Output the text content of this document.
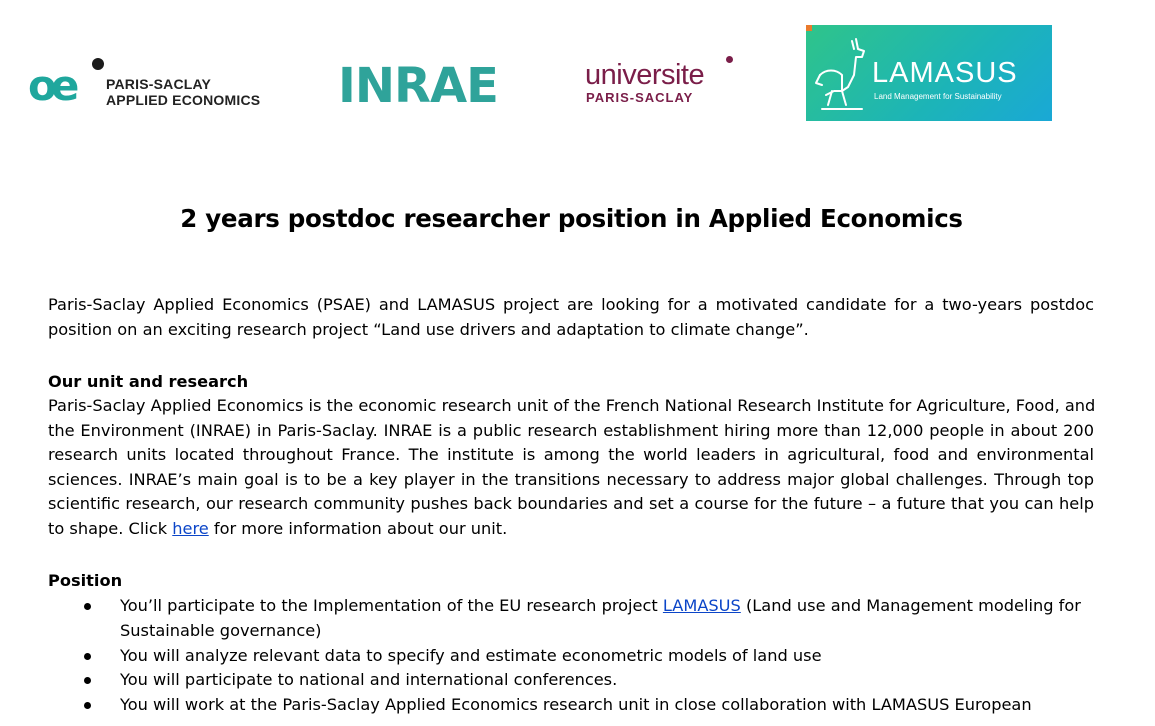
oe PARIS-SACLAY
APPLIED ECONOMICS INRAE	universite
PARIS-SACLAY
LAMASUS
Land Management for Sustainability
2 years postdoc researcher position in Applied Economics
Paris-Saclay Applied Economics (PSAE) and LAMASUS project are looking for a motivated candidate for a two-years postdoc
position on an exciting research project “Land use drivers and adaptation to climate change”.
Our unit and research
Paris-Saclay Applied Economics is the economic research unit of the French National Research Institute for Agriculture, Food, and
the Environment (INRAE) in Paris-Saclay. INRAE is a public research establishment hiring more than 12,000 people in about 200
research units located throughout France. The institute is among the world leaders in agricultural, food and environmental
sciences. INRAE’s main goal is to be a key player in the transitions necessary to address major global challenges. Through top
scientific research, our research community pushes back boundaries and set a course for the future – a future that you can help
to shape. Click here for more information about our unit.
Position
You’ll participate to the Implementation of the EU research project LAMASUS (Land use and Management modeling for
Sustainable governance)
You will analyze relevant data to specify and estimate econometric models of land use
You will participate to national and international conferences.
You will work at the Paris-Saclay Applied Economics research unit in close collaboration with LAMASUS European
